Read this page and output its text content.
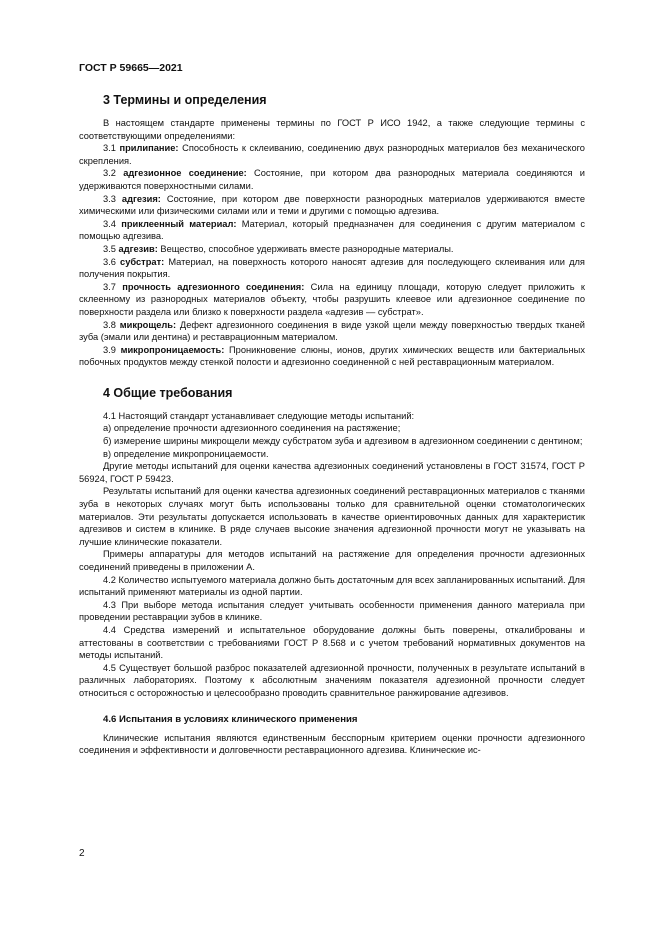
ГОСТ Р 59665—2021
3 Термины и определения

В настоящем стандарте применены термины по ГОСТ Р ИСО 1942, а также следующие термины с соответствующими определениями:

3.1 прилипание: Способность к склеиванию, соединению двух разнородных материалов без механического скрепления.

3.2 адгезионное соединение: Состояние, при котором два разнородных материала соединяются и удерживаются поверхностными силами.

3.3 адгезия: Состояние, при котором две поверхности разнородных материалов удерживаются вместе химическими или физическими силами или и теми и другими с помощью адгезива.

3.4 приклеенный материал: Материал, который предназначен для соединения с другим материалом с помощью адгезива.

3.5 адгезив: Вещество, способное удерживать вместе разнородные материалы.

3.6 субстрат: Материал, на поверхность которого наносят адгезив для последующего склеивания или для получения покрытия.

3.7 прочность адгезионного соединения: Сила на единицу площади, которую следует приложить к склеенному из разнородных материалов объекту, чтобы разрушить клеевое или адгезионное соединение по поверхности раздела или близко к поверхности раздела «адгезив — субстрат».

3.8 микрощель: Дефект адгезионного соединения в виде узкой щели между поверхностью твердых тканей зуба (эмали или дентина) и реставрационным материалом.

3.9 микропроницаемость: Проникновение слюны, ионов, других химических веществ или бактериальных побочных продуктов между стенкой полости и адгезионно соединенной с ней реставрационным материалом.

4 Общие требования

4.1 Настоящий стандарт устанавливает следующие методы испытаний:

а) определение прочности адгезионного соединения на растяжение;

б) измерение ширины микрощели между субстратом зуба и адгезивом в адгезионном соединении с дентином;

в) определение микропроницаемости.

Другие методы испытаний для оценки качества адгезионных соединений установлены в ГОСТ 31574, ГОСТ Р 56924, ГОСТ Р 59423.

Результаты испытаний для оценки качества адгезионных соединений реставрационных материалов с тканями зуба в некоторых случаях могут быть использованы только для сравнительной оценки стоматологических материалов. Эти результаты допускается использовать в качестве ориентировочных данных для характеристик адгезивов и систем в клинике. В ряде случаев высокие значения адгезионной прочности могут не указывать на лучшие клинические показатели.

Примеры аппаратуры для методов испытаний на растяжение для определения прочности адгезионных соединений приведены в приложении А.

4.2 Количество испытуемого материала должно быть достаточным для всех запланированных испытаний. Для испытаний применяют материалы из одной партии.

4.3 При выборе метода испытания следует учитывать особенности применения данного материала при проведении реставрации зубов в клинике.

4.4 Средства измерений и испытательное оборудование должны быть поверены, откалиброваны и аттестованы в соответствии с требованиями ГОСТ Р 8.568 и с учетом требований нормативных документов на методы испытаний.

4.5 Существует большой разброс показателей адгезионной прочности, полученных в результате испытаний в различных лабораториях. Поэтому к абсолютным значениям показателя адгезионной прочности следует относиться с осторожностью и целесообразно проводить сравнительное ранжирование адгезивов.

4.6 Испытания в условиях клинического применения

Клинические испытания являются единственным бесспорным критерием оценки прочности адгезионного соединения и эффективности и долговечности реставрационного адгезива. Клинические ис-

2
